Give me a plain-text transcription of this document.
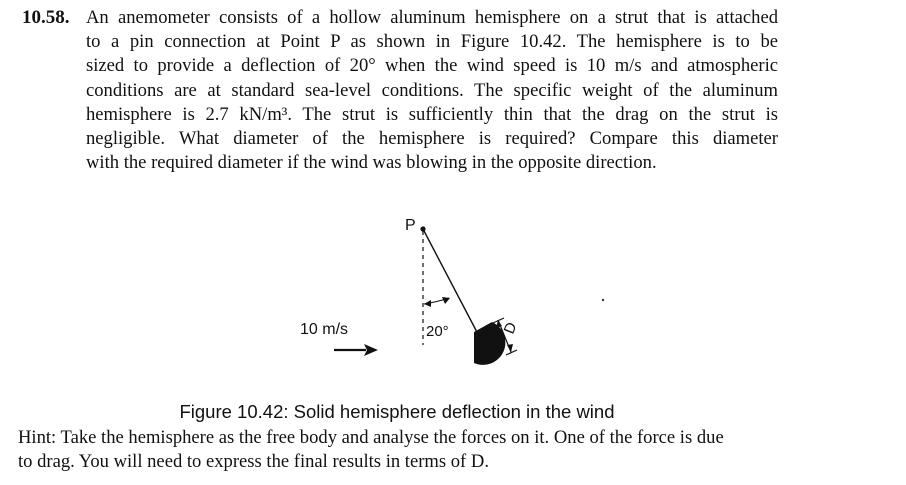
10.58. An anemometer consists of a hollow aluminum hemisphere on a strut that is attached
to a pin connection at Point P as shown in Figure 10.42. The hemisphere is to be
sized to provide a deflection of 20° when the wind speed is 10 m/s and atmospheric
conditions are at standard sea-level conditions. The specific weight of the aluminum
hemisphere is 2.7 kN/m³. The strut is sufficiently thin that the drag on the strut is
negligible. What diameter of the hemisphere is required? Compare this diameter
with the required diameter if the wind was blowing in the opposite direction.
P
20°	D
10 m/s
Figure 10.42: Solid hemisphere deflection in the wind
Hint: Take the hemisphere as the free body and analyse the forces on it. One of the force is due
to drag. You will need to express the final results in terms of D.
